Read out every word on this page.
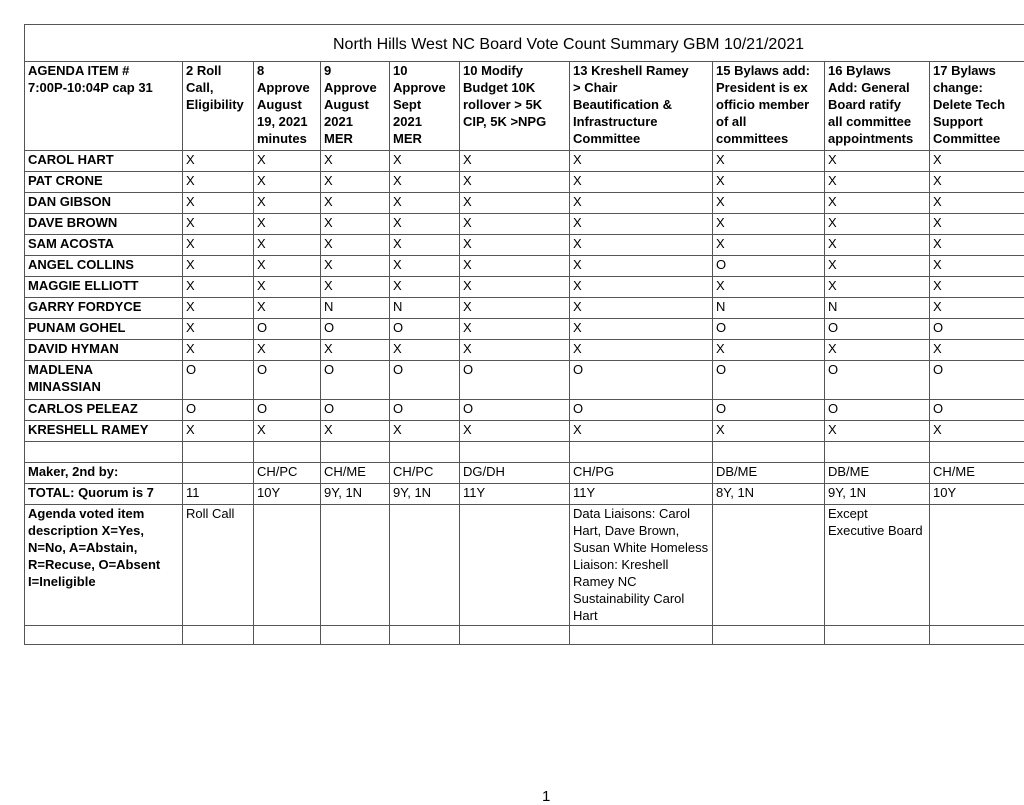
North Hills West NC Board Vote Count Summary GBM 10/21/2021
AGENDA ITEM #
7:00P-10:04P cap 31	2 Roll
Call,
Eligibility	8
Approve
August
19, 2021
minutes	9
Approve
August
2021
MER	10
Approve
Sept
2021
MER	10 Modify
Budget 10K
rollover > 5K
CIP, 5K >NPG	13 Kreshell Ramey
> Chair
Beautification &
Infrastructure
Committee	15 Bylaws add:
President is ex
officio member
of all
committees	16 Bylaws
Add: General
Board ratify
all committee
appointments	17 Bylaws
change:
Delete Tech
Support
Committee

CAROL HART	X	X	X	X	X	X	X	X	X
PAT CRONE	X	X	X	X	X	X	X	X	X
DAN GIBSON	X	X	X	X	X	X	X	X	X
DAVE BROWN	X	X	X	X	X	X	X	X	X
SAM ACOSTA	X	X	X	X	X	X	X	X	X
ANGEL COLLINS	X	X	X	X	X	X	O	X	X
MAGGIE ELLIOTT	X	X	X	X	X	X	X	X	X
GARRY FORDYCE	X	X	N	N	X	X	N	N	X
PUNAM GOHEL	X	O	O	O	X	X	O	O	O
DAVID HYMAN	X	X	X	X	X	X	X	X	X
MADLENA
MINASSIAN	O	O	O	O	O	O	O	O	O
CARLOS PELEAZ	O	O	O	O	O	O	O	O	O
KRESHELL RAMEY	X	X	X	X	X	X	X	X	X

Maker, 2nd by:		CH/PC	CH/ME	CH/PC	DG/DH	CH/PG	DB/ME	DB/ME	CH/ME
TOTAL: Quorum is 7	11	10Y	9Y, 1N	9Y, 1N	11Y	11Y	8Y, 1N	9Y, 1N	10Y
Agenda voted item description X=Yes, N=No, A=Abstain, R=Recuse, O=Absent I=Ineligible	Roll Call					Data Liaisons: Carol Hart, Dave Brown, Susan White Homeless Liaison: Kreshell Ramey NC Sustainability Carol Hart		Except Executive Board	

1
